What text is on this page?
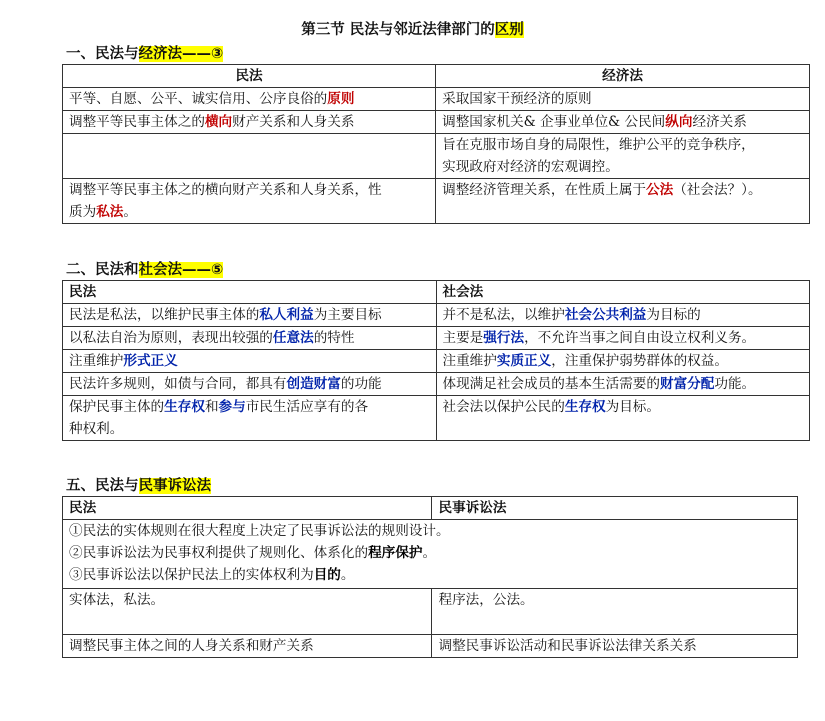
第三节 民法与邻近法律部门的区别
一、民法与经济法——③
民法	经济法
平等、自愿、公平、诚实信用、公序良俗的原则	采取国家干预经济的原则
调整平等民事主体之的横向财产关系和人身关系	调整国家机关& 企事业单位& 公民间纵向经济关系
	旨在克服市场自身的局限性，维护公平的竞争秩序，
实现政府对经济的宏观调控。
调整平等民事主体之的横向财产关系和人身关系，性
质为私法。	调整经济管理关系，在性质上属于公法（社会法？）。
二、民法和社会法——⑤
民法	社会法
民法是私法，以维护民事主体的私人利益为主要目标	并不是私法，以维护社会公共利益为目标的
以私法自治为原则，表现出较强的任意法的特性	主要是强行法，不允许当事之间自由设立权利义务。
注重维护形式正义	注重维护实质正义，注重保护弱势群体的权益。
民法许多规则，如债与合同，都具有创造财富的功能	体现满足社会成员的基本生活需要的财富分配功能。
保护民事主体的生存权和参与市民生活应享有的各
种权利。	社会法以保护公民的生存权为目标。
五、民法与民事诉讼法
民法	民事诉讼法

①民法的实体规则在很大程度上决定了民事诉讼法的规则设计。
②民事诉讼法为民事权利提供了规则化、体系化的程序保护。
③民事诉讼法以保护民法上的实体权利为目的。	

实体法，私法。	程序法，公法。
调整民事主体之间的人身关系和财产关系	调整民事诉讼活动和民事诉讼法律关系关系
